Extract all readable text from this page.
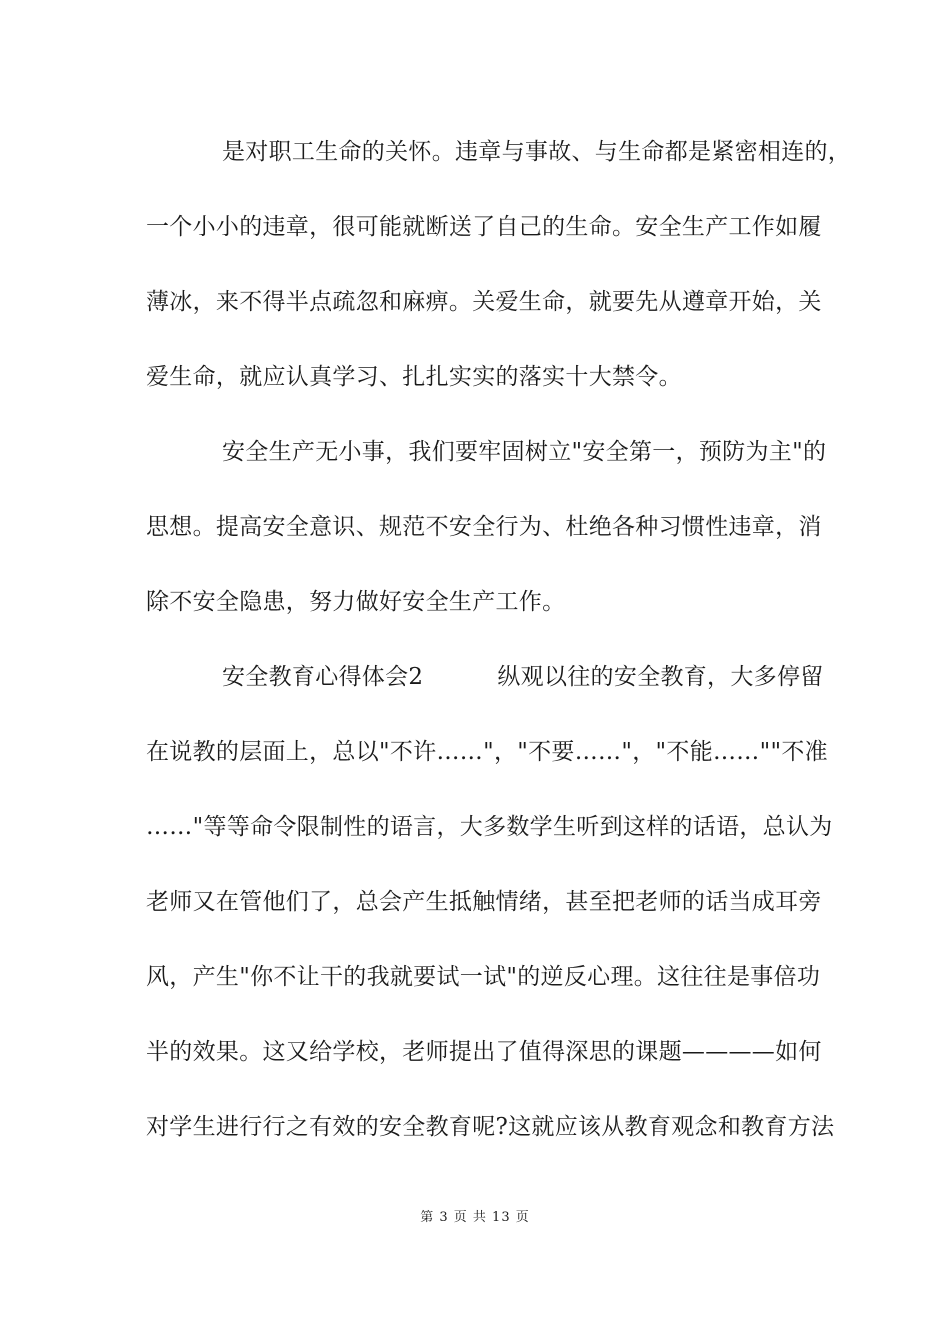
是对职工生命的关怀。违章与事故、与生命都是紧密相连的，
一个小小的违章，很可能就断送了自己的生命。安全生产工作如履
薄冰，来不得半点疏忽和麻痹。关爱生命，就要先从遵章开始，关
爱生命，就应认真学习、扎扎实实的落实十大禁令。
安全生产无小事，我们要牢固树立"安全第一，预防为主"的
思想。提高安全意识、规范不安全行为、杜绝各种习惯性违章，消
除不安全隐患，努力做好安全生产工作。
安全教育心得体会2	纵观以往的安全教育，大多停留
在说教的层面上，总以"不许……"，"不要……"，"不能……""不准
……"等等命令限制性的语言，大多数学生听到这样的话语，总认为
老师又在管他们了，总会产生抵触情绪，甚至把老师的话当成耳旁
风，产生"你不让干的我就要试一试"的逆反心理。这往往是事倍功
半的效果。这又给学校，老师提出了值得深思的课题————如何
对学生进行行之有效的安全教育呢?这就应该从教育观念和教育方法
第 3 页 共 13 页
